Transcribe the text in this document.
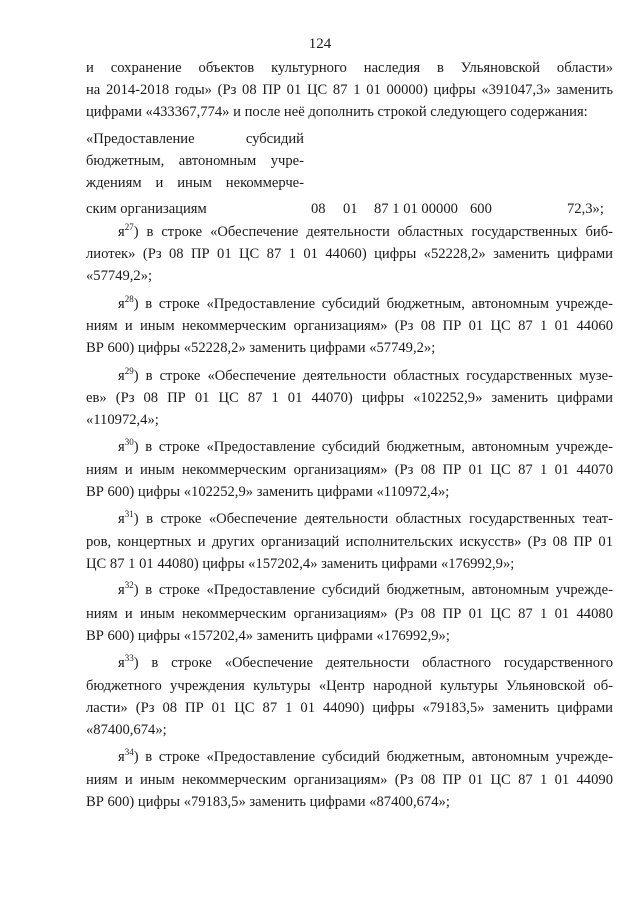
124
и сохранение объектов культурного наследия в Ульяновской области»
на 2014-2018 годы» (Рз 08 ПР 01 ЦС 87 1 01 00000) цифры «391047,3» заменить
цифрами «433367,774» и после неё дополнить строкой следующего содержания:
«Предоставление субсидий
бюджетным, автономным учре-
ждениям и иным некоммерче-
ским организациям	08 01 87 1 01 00000 600	72,3»;
$я^{27}$) в строке «Обеспечение деятельности областных государственных биб-
лиотек» (Рз 08 ПР 01 ЦС 87 1 01 44060) цифры «52228,2» заменить цифрами
«57749,2»;
$я^{28}$) в строке «Предоставление субсидий бюджетным, автономным учрежде-
ниям и иным некоммерческим организациям» (Рз 08 ПР 01 ЦС 87 1 01 44060
ВР 600) цифры «52228,2» заменить цифрами «57749,2»;
$я^{29}$) в строке «Обеспечение деятельности областных государственных музе-
ев» (Рз 08 ПР 01 ЦС 87 1 01 44070) цифры «102252,9» заменить цифрами
«110972,4»;
$я^{30}$) в строке «Предоставление субсидий бюджетным, автономным учрежде-
ниям и иным некоммерческим организациям» (Рз 08 ПР 01 ЦС 87 1 01 44070
ВР 600) цифры «102252,9» заменить цифрами «110972,4»;
$я^{31}$) в строке «Обеспечение деятельности областных государственных теат-
ров, концертных и других организаций исполнительских искусств» (Рз 08 ПР 01
ЦС 87 1 01 44080) цифры «157202,4» заменить цифрами «176992,9»;
$я^{32}$) в строке «Предоставление субсидий бюджетным, автономным учрежде-
ниям и иным некоммерческим организациям» (Рз 08 ПР 01 ЦС 87 1 01 44080
ВР 600) цифры «157202,4» заменить цифрами «176992,9»;
$я^{33}$) в строке «Обеспечение деятельности областного государственного
бюджетного учреждения культуры «Центр народной культуры Ульяновской об-
ласти» (Рз 08 ПР 01 ЦС 87 1 01 44090) цифры «79183,5» заменить цифрами
«87400,674»;
$я^{34}$) в строке «Предоставление субсидий бюджетным, автономным учрежде-
ниям и иным некоммерческим организациям» (Рз 08 ПР 01 ЦС 87 1 01 44090
ВР 600) цифры «79183,5» заменить цифрами «87400,674»;
